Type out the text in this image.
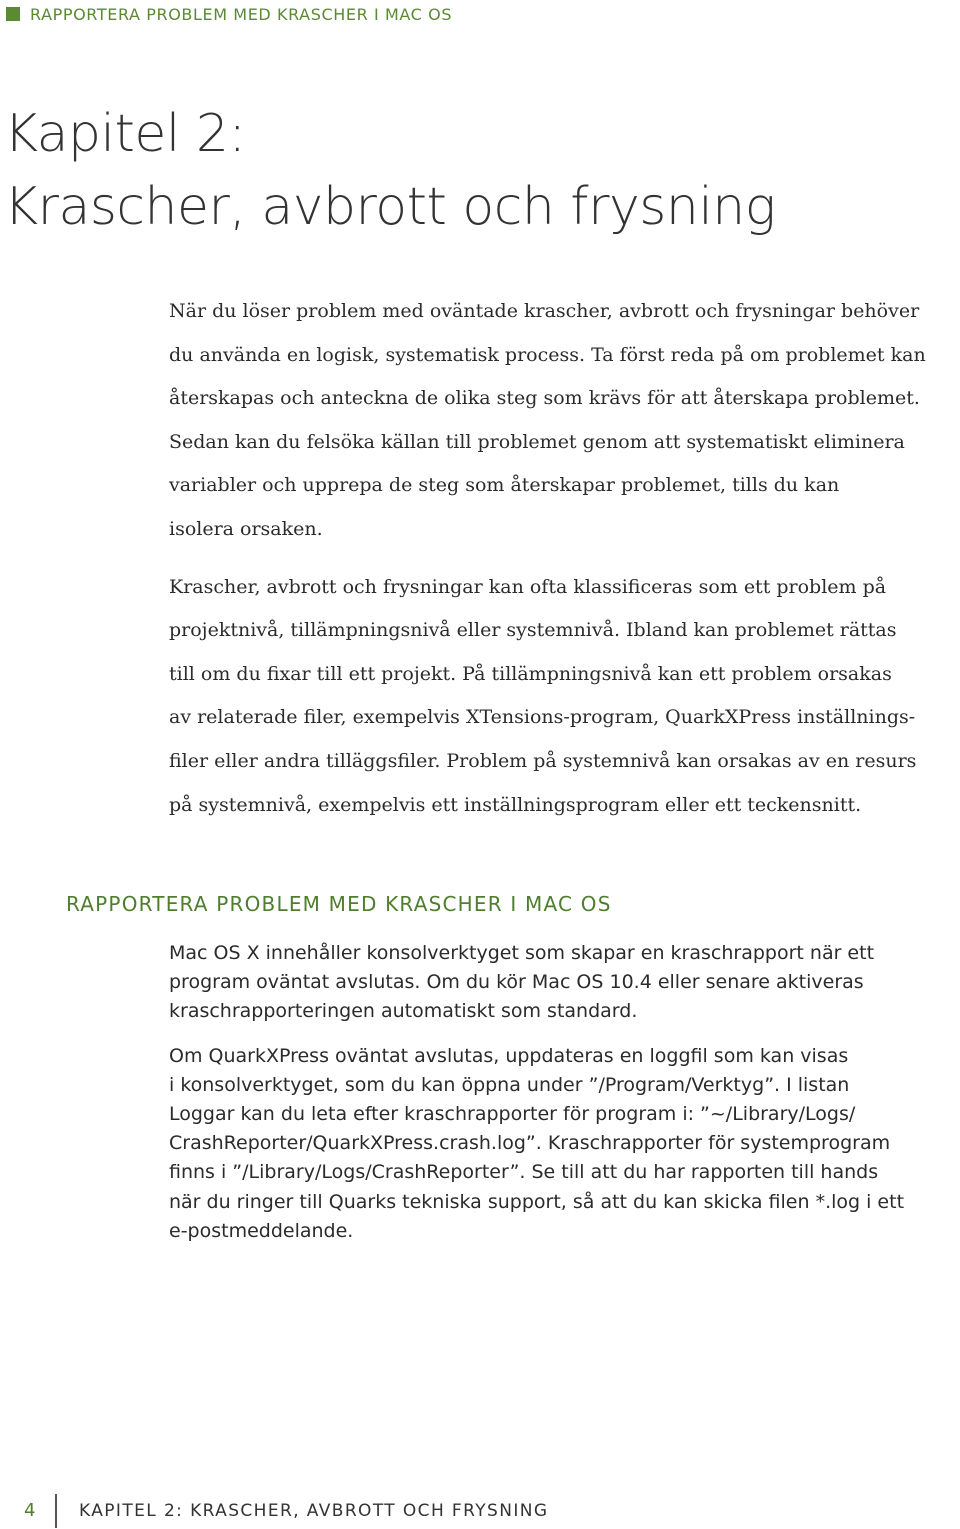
RAPPORTERA PROBLEM MED KRASCHER I MAC OS
Kapitel 2:
Krascher, avbrott och frysning

När du löser problem med oväntade krascher, avbrott och frysningar behöver
du använda en logisk, systematisk process. Ta först reda på om problemet kan
återskapas och anteckna de olika steg som krävs för att återskapa problemet.
Sedan kan du felsöka källan till problemet genom att systematiskt eliminera
variabler och upprepa de steg som återskapar problemet, tills du kan
isolera orsaken.

Krascher, avbrott och frysningar kan ofta klassificeras som ett problem på
projektnivå, tillämpningsnivå eller systemnivå. Ibland kan problemet rättas
till om du fixar till ett projekt. På tillämpningsnivå kan ett problem orsakas
av relaterade filer, exempelvis XTensions-program, QuarkXPress inställnings-
filer eller andra tilläggsfiler. Problem på systemnivå kan orsakas av en resurs
på systemnivå, exempelvis ett inställningsprogram eller ett teckensnitt.

RAPPORTERA PROBLEM MED KRASCHER I MAC OS

Mac OS X innehåller konsolverktyget som skapar en kraschrapport när ett
program oväntat avslutas. Om du kör Mac OS 10.4 eller senare aktiveras
kraschrapporteringen automatiskt som standard.

Om QuarkXPress oväntat avslutas, uppdateras en loggfil som kan visas
i konsolverktyget, som du kan öppna under ”/Program/Verktyg”. I listan
Loggar kan du leta efter kraschrapporter för program i: ”~/Library/Logs/
CrashReporter/QuarkXPress.crash.log”. Kraschrapporter för systemprogram
finns i ”/Library/Logs/CrashReporter”. Se till att du har rapporten till hands
när du ringer till Quarks tekniska support, så att du kan skicka filen *.log i ett
e-postmeddelande.

4	KAPITEL 2: KRASCHER, AVBROTT OCH FRYSNING
